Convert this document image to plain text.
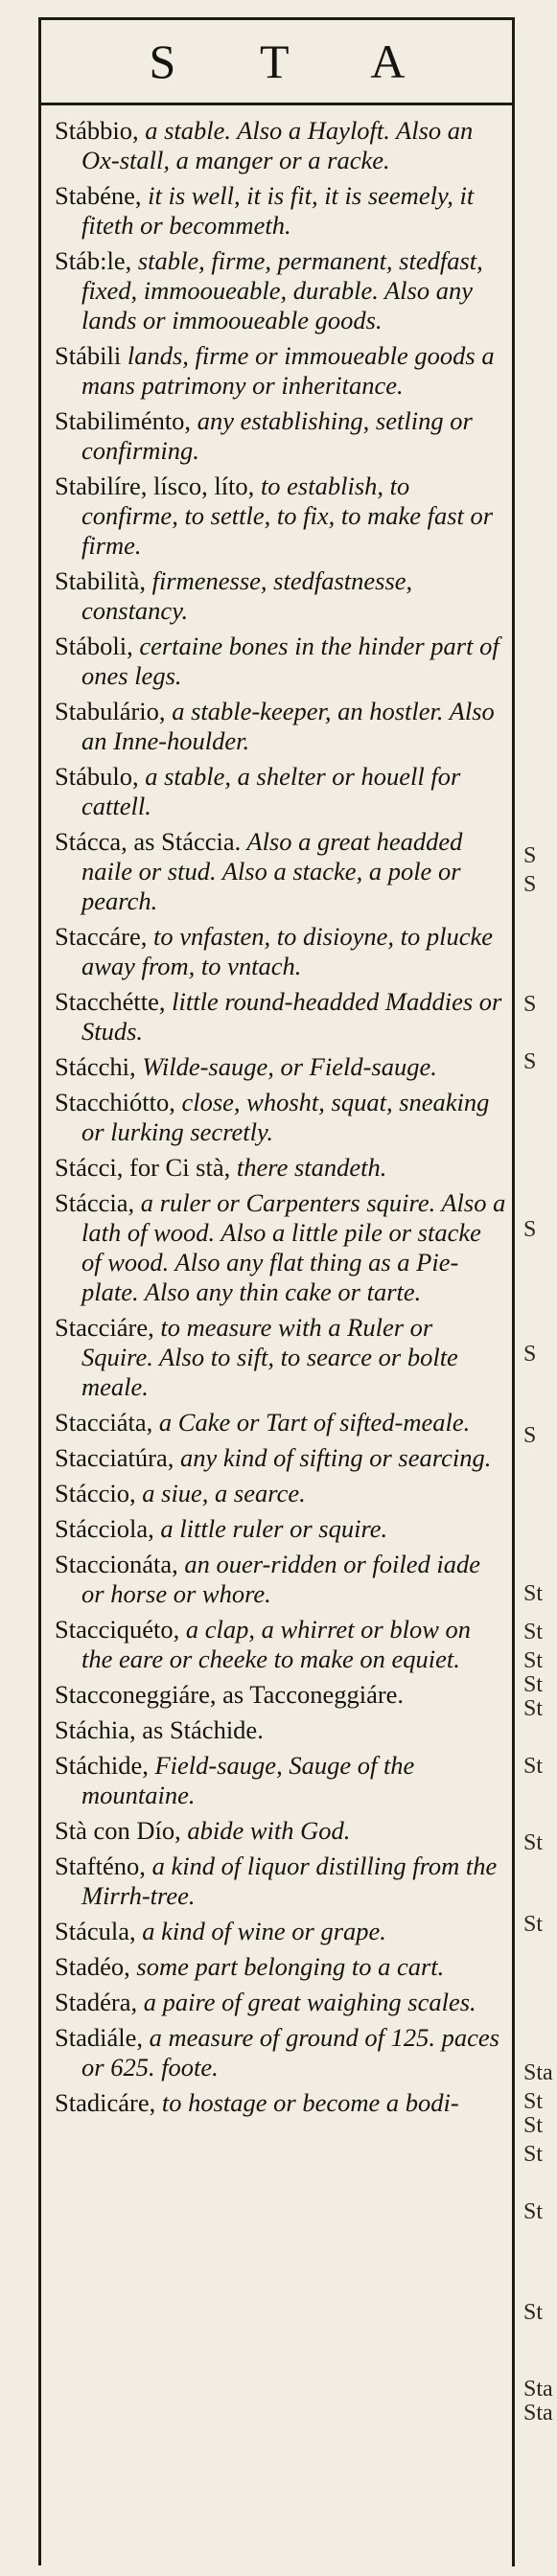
S T A
Stábbio, a stable. Also a Hayloft. Also an Ox-stall, a manger or a racke.
Stabéne, it is well, it is fit, it is seemely, it fiteth or becommeth.
Stáb:le, stable, firme, permanent, stedfast, fixed, immooueable, durable. Also any lands or immooueable goods.
Stábili lands, firme or immoueable goods a mans patrimony or inheritance.
Stabiliménto, any establishing, setling or confirming.
Stabilíre, lísco, líto, to establish, to confirme, to settle, to fix, to make fast or firme.
Stabilità, firmenesse, stedfastnesse, constancy.
Stáboli, certaine bones in the hinder part of ones legs.
Stabulário, a stable-keeper, an hostler. Also an Inne-houlder.
Stábulo, a stable, a shelter or houell for cattell.
Stácca, as Stáccia. Also a great headded naile or stud. Also a stacke, a pole or pearch.
Staccáre, to vnfasten, to disioyne, to plucke away from, to vntach.
Stacchétte, little round-headded Maddies or Studs.
Stácchi, Wilde-sauge, or Field-sauge.
Stacchiótto, close, whosht, squat, sneaking or lurking secretly.
Stácci, for Ci stà, there standeth.
Stáccia, a ruler or Carpenters squire. Also a lath of wood. Also a little pile or stacke of wood. Also any flat thing as a Pie-plate. Also any thin cake or tarte.
Stacciáre, to measure with a Ruler or Squire. Also to sift, to searce or bolte meale.
Stacciáta, a Cake or Tart of sifted-meale.
Stacciatúra, any kind of sifting or searcing.
Stáccio, a siue, a searce.
Stácciola, a little ruler or squire.
Staccionáta, an ouer-ridden or foiled iade or horse or whore.
Stacciquéto, a clap, a whirret or blow on the eare or cheeke to make on equiet.
Stacconeggiáre, as Tacconeggiáre.
Stáchia, as Stáchide.
Stáchide, Field-sauge, Sauge of the mountaine.
Stà con Dío, abide with God.
Stafténo, a kind of liquor distilling from the Mirrh-tree.
Stácula, a kind of wine or grape.
Stadéo, some part belonging to a cart.
Stadéra, a paire of great waighing scales.
Stadiále, a measure of ground of 125. paces or 625. foote.
Stadicáre, to hostage or become a bodi-
S
S
S
S
S
S
S
St
St
St
St
St
St
St
St
Sta
St
St
St
St
St
Sta
Sta
